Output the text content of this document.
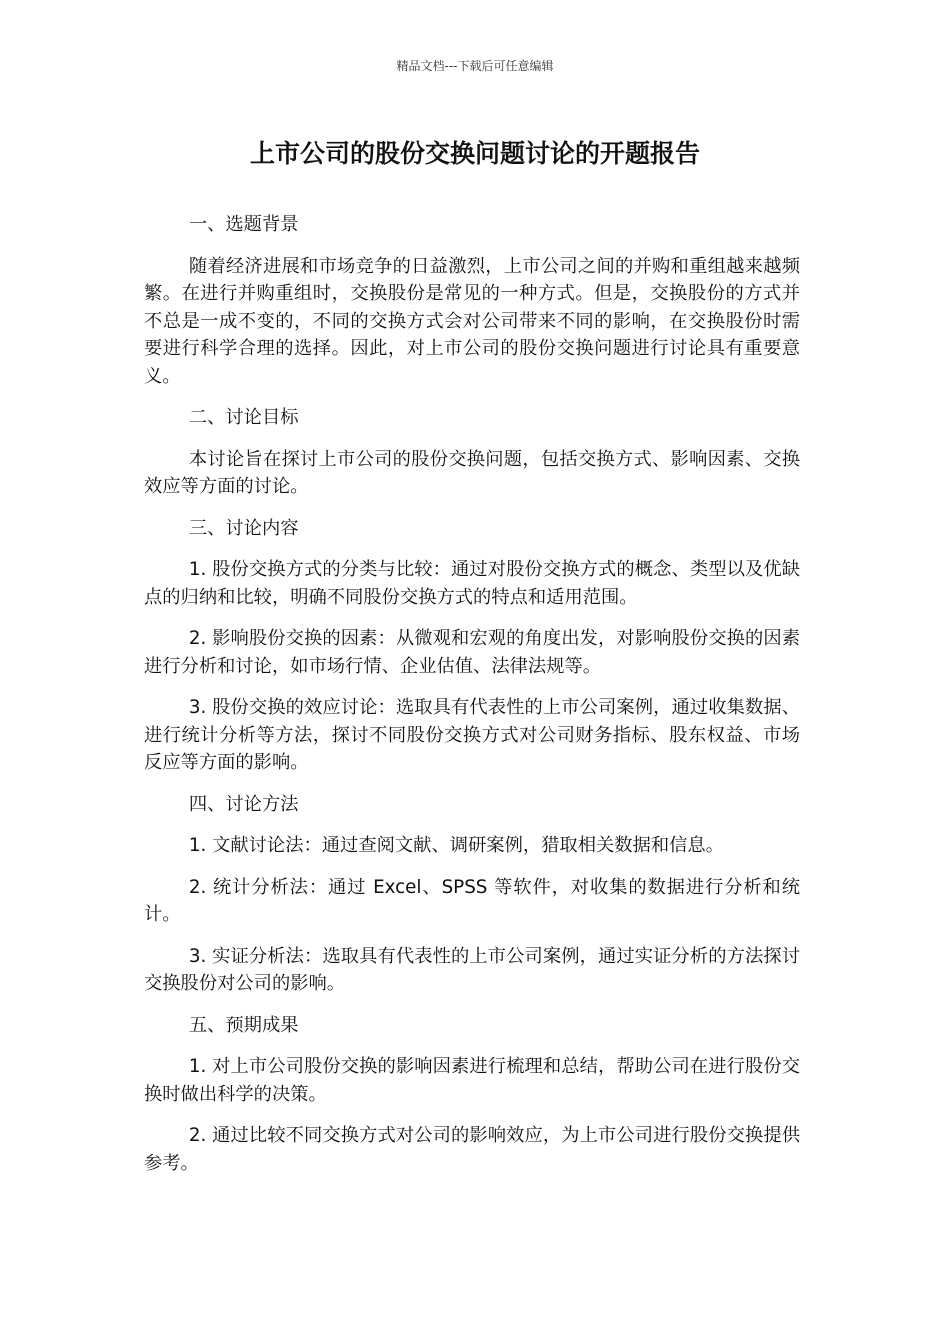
精品文档---下载后可任意编辑
上市公司的股份交换问题讨论的开题报告

一、选题背景

随着经济进展和市场竞争的日益激烈，上市公司之间的并购和重组越来越频繁。在进行并购重组时，交换股份是常见的一种方式。但是，交换股份的方式并不总是一成不变的，不同的交换方式会对公司带来不同的影响，在交换股份时需要进行科学合理的选择。因此，对上市公司的股份交换问题进行讨论具有重要意义。

二、讨论目标

本讨论旨在探讨上市公司的股份交换问题，包括交换方式、影响因素、交换效应等方面的讨论。

三、讨论内容

1. 股份交换方式的分类与比较：通过对股份交换方式的概念、类型以及优缺点的归纳和比较，明确不同股份交换方式的特点和适用范围。

2. 影响股份交换的因素：从微观和宏观的角度出发，对影响股份交换的因素进行分析和讨论，如市场行情、企业估值、法律法规等。

3. 股份交换的效应讨论：选取具有代表性的上市公司案例，通过收集数据、进行统计分析等方法，探讨不同股份交换方式对公司财务指标、股东权益、市场反应等方面的影响。

四、讨论方法

1. 文献讨论法：通过查阅文献、调研案例，猎取相关数据和信息。

2. 统计分析法：通过 Excel、SPSS 等软件，对收集的数据进行分析和统计。

3. 实证分析法：选取具有代表性的上市公司案例，通过实证分析的方法探讨交换股份对公司的影响。

五、预期成果

1. 对上市公司股份交换的影响因素进行梳理和总结，帮助公司在进行股份交换时做出科学的决策。

2. 通过比较不同交换方式对公司的影响效应，为上市公司进行股份交换提供参考。
